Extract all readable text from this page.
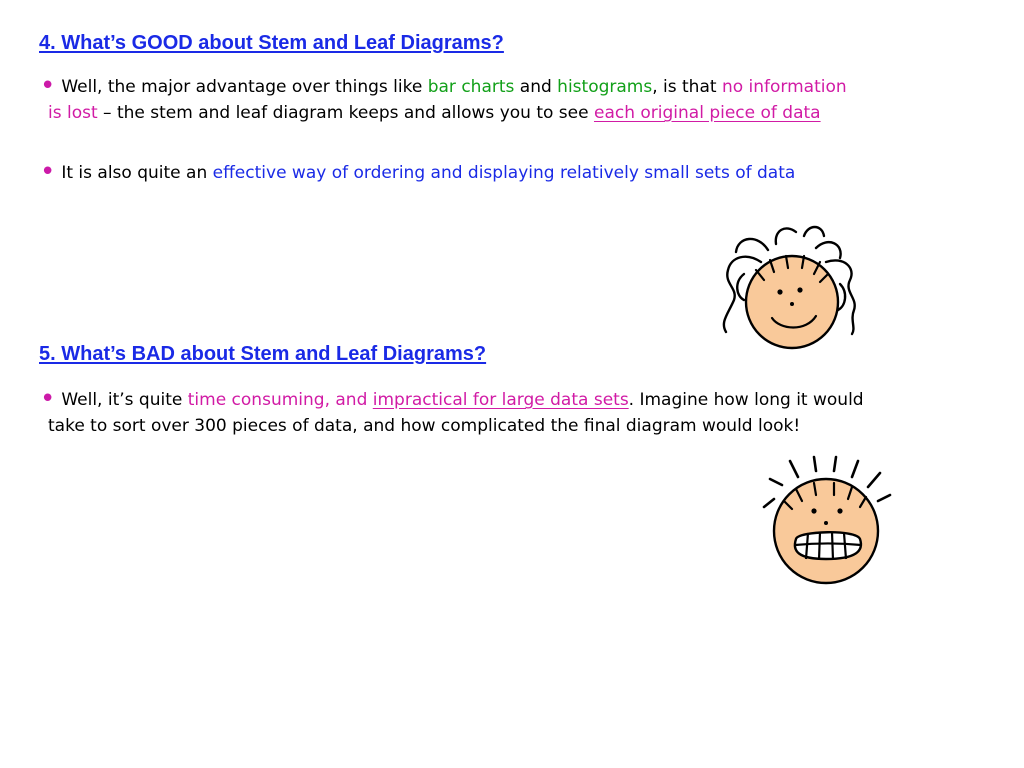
4. What’s GOOD about Stem and Leaf Diagrams?

• Well, the major advantage over things like bar charts and histograms, is that no information
is lost – the stem and leaf diagram keeps and allows you to see each original piece of data

• It is also quite an effective way of ordering and displaying relatively small sets of data

5. What’s BAD about Stem and Leaf Diagrams?

• Well, it’s quite time consuming, and impractical for large data sets. Imagine how long it would
take to sort over 300 pieces of data, and how complicated the final diagram would look!
